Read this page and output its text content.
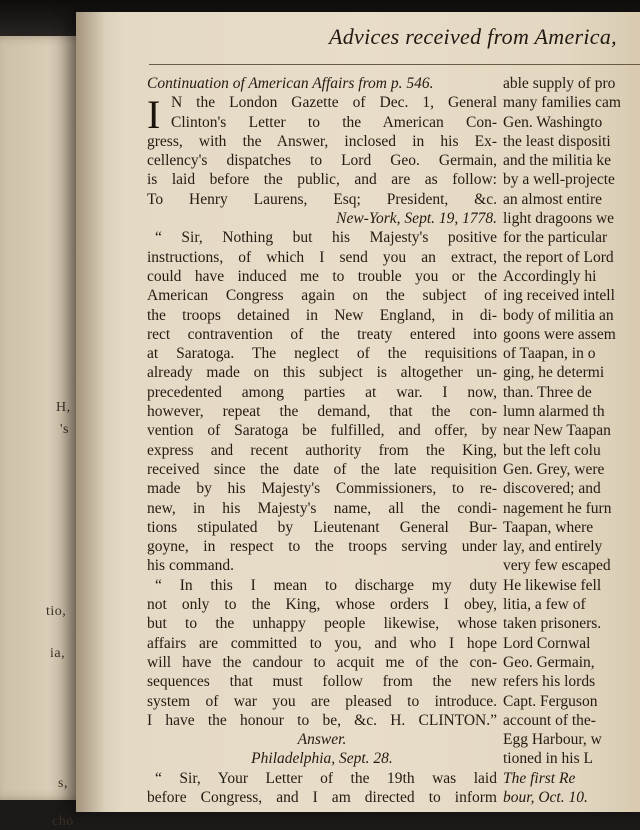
H,
's
tio,
ia,
s,
cho
Advices received from America,
I
Continuation of American Affairs from p. 546.
N the London Gazette of Dec. 1, General
Clinton's Letter to the American Con-
gress, with the Answer, inclosed in his Ex-
cellency's dispatches to Lord Geo. Germain,
is laid before the public, and are as follow:
To Henry Laurens, Esq; President, &c.
New-York, Sept. 19, 1778.
“ Sir, Nothing but his Majesty's positive
instructions, of which I send you an extract,
could have induced me to trouble you or the
American Congress again on the subject of
the troops detained in New England, in di-
rect contravention of the treaty entered into
at Saratoga. The neglect of the requisitions
already made on this subject is altogether un-
precedented among parties at war. I now,
however, repeat the demand, that the con-
vention of Saratoga be fulfilled, and offer, by
express and recent authority from the King,
received since the date of the late requisition
made by his Majesty's Commissioners, to re-
new, in his Majesty's name, all the condi-
tions stipulated by Lieutenant General Bur-
goyne, in respect to the troops serving under
his command.
“ In this I mean to discharge my duty
not only to the King, whose orders I obey,
but to the unhappy people likewise, whose
affairs are committed to you, and who I hope
will have the candour to acquit me of the con-
sequences that must follow from the new
system of war you are pleased to introduce.
I have the honour to be, &c. H. CLINTON.”
Answer.
Philadelphia, Sept. 28.
“ Sir, Your Letter of the 19th was laid
before Congress, and I am directed to inform
able supply of pro
many families cam
Gen. Washingto
the least dispositi
and the militia ke
by a well-projecte
an almost entire
light dragoons we
for the particular
the report of Lord
Accordingly hi
ing received intell
body of militia an
goons were assem
of Taapan, in o
ging, he determi
than. Three de
lumn alarmed th
near New Taapan
but the left colu
Gen. Grey, were
discovered; and
nagement he furn
Taapan, where
lay, and entirely
very few escaped
He likewise fell
litia, a few of
taken prisoners.
Lord Cornwal
Geo. Germain,
refers his lords
Capt. Ferguson
account of the-
Egg Harbour, w
tioned in his L
The first Re
bour, Oct. 10.
